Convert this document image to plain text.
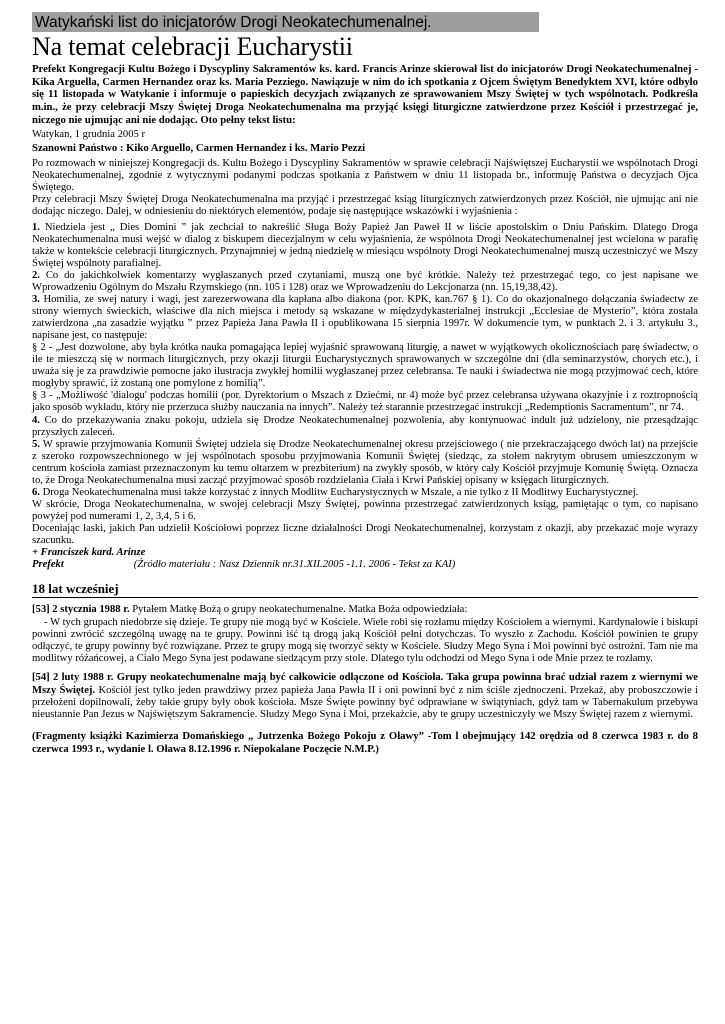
Watykański list do inicjatorów Drogi Neokatechumenalnej.
Na temat celebracji Eucharystii
Prefekt Kongregacji Kultu Bożego i Dyscypliny Sakramentów ks. kard. Francis Arinze skierował list do inicjatorów Drogi Neokatechumenalnej - Kika Arguella, Carmen Hernandez oraz ks. Maria Pezziego. Nawiązuje w nim do ich spotkania z Ojcem Świętym Benedyktem XVI, które odbyło się 11 listopada w Watykanie i informuje o papieskich decyzjach związanych ze sprawowaniem Mszy Świętej w tych wspólnotach. Podkreśla m.in., że przy celebracji Mszy Świętej Droga Neokatechumenalna ma przyjąć księgi liturgiczne zatwierdzone przez Kościół i przestrzegać je, niczego nie ujmując ani nie dodając. Oto pełny tekst listu:
Watykan, 1 grudnia 2005 r
Szanowni Państwo : Kiko Arguello, Carmen Hernandez i ks. Mario Pezzi

Po rozmowach w niniejszej Kongregacji ds. Kultu Bożego i Dyscypliny Sakramentów w sprawie celebracji Najświętszej Eucharystii we wspólnotach Drogi Neokatechumenalnej, zgodnie z wytycznymi podanymi podczas spotkania z Państwem w dniu 11 listopada br., informuję Państwa o decyzjach Ojca Świętego.

Przy celebracji Mszy Świętej Droga Neokatechumenalna ma przyjąć i przestrzegać ksiąg liturgicznych zatwierdzonych przez Kościół, nie ujmując ani nie dodając niczego. Dalej, w odniesieniu do niektórych elementów, podaje się następujące wskazówki i wyjaśnienia :

1. Niedziela jest „ Dies Domini ” jak zechciał to nakreślić Sługa Boży Papież Jan Paweł II w liście apostolskim o Dniu Pańskim. Dlatego Droga Neokatechumenalna musi wejść w dialog z biskupem diecezjalnym w celu wyjaśnienia, że wspólnota Drogi Neokatechumenalnej jest wcielona w parafię także w kontekście celebracji liturgicznych. Przynajmniej w jedną niedzielę w miesiącu wspólnoty Drogi Neokatechumenalnej muszą uczestniczyć we Mszy Świętej wspólnoty parafialnej.

2. Co do jakichkolwiek komentarzy wygłaszanych przed czytaniami, muszą one być krótkie. Należy też przestrzegać tego, co jest napisane we Wprowadzeniu Ogólnym do Mszału Rzymskiego (nn. 105 i 128) oraz we Wprowadzeniu do Lekcjonarza (nn. 15,19,38,42).

3. Homilia, ze swej natury i wagi, jest zarezerwowana dla kapłana albo diakona (por. KPK, kan.767 § 1). Co do okazjonalnego dołączania świadectw ze strony wiernych świeckich, właściwe dla nich miejsca i metody są wskazane w międzydykasterialnej instrukcji „Ecclesiae de Mysterio”, która została zatwierdzona „na zasadzie wyjątku ” przez Papieża Jana Pawła II i opublikowana 15 sierpnia 1997r. W dokumencie tym, w punktach 2. i 3. artykułu 3., napisane jest, co następuje:

§ 2 - „Jest dozwolone, aby była krótka nauka pomagająca lepiej wyjaśnić sprawowaną liturgię, a nawet w wyjątkowych okolicznościach parę świadectw, o ile te mieszczą się w normach liturgicznych, przy okazji liturgii Eucharystycznych sprawowanych w szczególne dni (dla seminarzystów, chorych etc.), i uważa się je za prawdziwie pomocne jako ilustracja zwykłej homilii wygłaszanej przez celebransa. Te nauki i świadectwa nie mogą przyjmować cech, które mogłyby sprawić, iż zostaną one pomylone z homilią”.

§ 3 - „Możliwość 'dialogu' podczas homilii (por. Dyrektorium o Mszach z Dziećmi, nr 4) może być przez celebransa używana okazyjnie i z roztropnością jako sposób wykładu, który nie przerzuca służby nauczania na innych”. Należy też starannie przestrzegać instrukcji „Redemptionis Sacramentum”, nr 74.

4. Co do przekazywania znaku pokoju, udziela się Drodze Neokatechumenalnej pozwolenia, aby kontynuować indult już udzielony, nie przesądzając przyszłych zaleceń.

5. W sprawie przyjmowania Komunii Świętej udziela się Drodze Neokatechumenalnej okresu przejściowego ( nie przekraczającego dwóch lat) na przejście z szeroko rozpowszechnionego w jej wspólnotach sposobu przyjmowania Komunii Świętej (siedząc, za stołem nakrytym obrusem umieszczonym w centrum kościoła zamiast przeznaczonym ku temu ołtarzem w prezbiterium) na zwykły sposób, w który cały Kościół przyjmuje Komunię Świętą. Oznacza to, że Droga Neokatechumenalna musi zacząć przyjmować sposób rozdzielania Ciała i Krwi Pańskiej opisany w księgach liturgicznych.

6. Droga Neokatechumenalna musi także korzystać z innych Modlitw Eucharystycznych w Mszale, a nie tylko z II Modlitwy Eucharystycznej.

W skrócie, Droga Neokatechumenalna, w swojej celebracji Mszy Świętej, powinna przestrzegać zatwierdzonych ksiąg, pamiętając o tym, co napisano powyżej pod numerami 1, 2, 3,4, 5 i 6.

Doceniając łaski, jakich Pan udzielił Kościołowi poprzez liczne działalności Drogi Neokatechumenalnej, korzystam z okazji, aby przekazać moje wyrazy szacunku.

+ Franciszek kard. Arinze
Prefekt	(Źródło materiału : Nasz Dziennik nr.31.XII.2005 -1.1. 2006 - Tekst za KAI)
18 lat wcześniej

[53] 2 stycznia 1988 r. Pytałem Matkę Bożą o grupy neokatechumenalne. Matka Boża odpowiedziała:

- W tych grupach niedobrze się dzieje. Te grupy nie mogą być w Kościele. Wiele robi się rozłamu między Kościołem a wiernymi. Kardynałowie i biskupi powinni zwrócić szczególną uwagę na te grupy. Powinni iść tą drogą jaką Kościół pełni dotychczas. To wyszło z Zachodu. Kościół powinien te grupy odłączyć, te grupy powinny być rozwiązane. Przez te grupy mogą się tworzyć sekty w Kościele. Słudzy Mego Syna i Moi powinni być ostrożni. Tam nie ma modlitwy różańcowej, a Ciało Mego Syna jest podawane siedzącym przy stole. Dlatego tylu odchodzi od Mego Syna i ode Mnie przez te rozłamy.

[54] 2 luty 1988 r. Grupy neokatechumenalne mają być całkowicie odłączone od Kościoła. Taka grupa powinna brać udział razem z wiernymi we Mszy Świętej. Kościół jest tylko jeden prawdziwy przez papieża Jana Pawła II i oni powinni być z nim ściśle zjednoczeni. Przekaż, aby proboszczowie i przełożeni dopilnowali, żeby takie grupy były obok kościoła. Msze Święte powinny być odprawiane w świątyniach, gdyż tam w Tabernakulum przebywa nieustannie Pan Jezus w Najświętszym Sakramencie. Słudzy Mego Syna i Moi, przekażcie, aby te grupy uczestniczyły we Mszy Świętej razem z wiernymi.

(Fragmenty książki Kazimierza Domańskiego „ Jutrzenka Bożego Pokoju z Oławy” -Tom l obejmujący 142 orędzia od 8 czerwca 1983 r. do 8 czerwca 1993 r., wydanie l. Oława 8.12.1996 r. Niepokalane Poczęcie N.M.P.)
